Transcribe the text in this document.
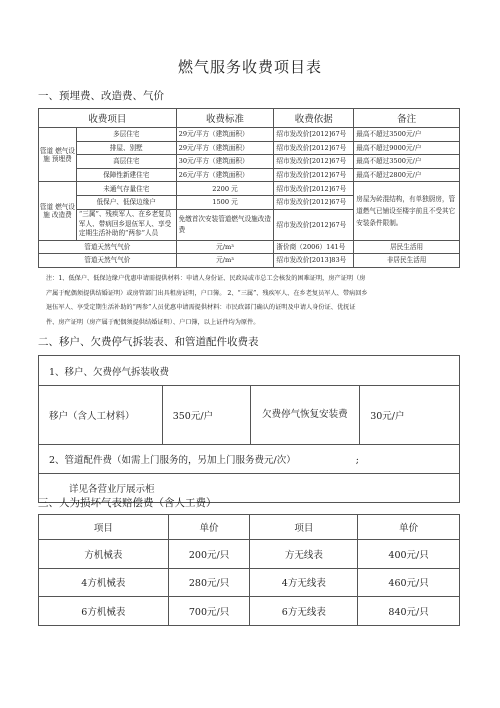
燃气服务收费项目表
一、预埋费、改造费、气价
收费项目		收费标准	收费依据	备注
管道 燃气设施 预埋费	多层住宅	29元/平方（建筑面积）	绍市发改价[2012]67号	最高不超过3500元/户
	排屋、别墅	29元/平方（建筑面积）	绍市发改价[2012]67号	最高不超过9000元/户
	高层住宅	30元/平方（建筑面积）	绍市发改价[2012]67号	最高不超过3500元/户
	保障性新建住宅	26元/平方（建筑面积）	绍市发改价[2012]67号	最高不超过2800元/户
管道 燃气设施 改造费	未通气存量住宅	2200 元	绍市发改价[2012]67号	房屋为砖混结构，有单独厨房，管道燃气已铺设至楼宇前且不受其它安装条件限制。
	低保户、低保边缘户	1500 元	绍市发改价[2012]67号	
	“三属”、残疾军人、在乡老复员军人、带病回乡退伍军人、享受定期生活补助的“两参”人员	免缴首次安装管道燃气设施改造费	绍市发改价[2012]67号	
管道天然气气价		元/m³	浙价商（2006）141号	居民生活用
管道天然气气价		元/m³	绍市发改价[2013]83号	非居民生活用

注：1、低保户、低保边缘户优惠申请需提供材料：申请人身份证、民政局或市总工会核发的困难证明，房产证明（房

产属于配偶须提供结婚证明）或房管部门出具租房证明，户口簿。 2、“三属”、残疾军人、在乡老复员军人、带病回乡

退伍军人、享受定期生活补助的“两参”人员优惠申请需提供材料：市民政部门确认的证明及申请人身份证、优抚证

件、房产证明（房产属于配偶须提供结婚证明）、户口簿，以上证件均为原件。

二、移户、欠费停气拆装表、和管道配件收费表
1、移户、欠费停气拆装收费
移户（含人工材料）	350元/户	欠费停气恢复安装费	30元/户
2、管道配件费（如需上门服务的，另加上门服务费元/次）	;
详见各营业厅展示柜
三、人为损坏气表赔偿费（含人工费）
项目	单价	项目	单价
方机械表	200元/只	方无线表	400元/只
4方机械表	280元/只	4方无线表	460元/只
6方机械表	700元/只	6方无线表	840元/只
